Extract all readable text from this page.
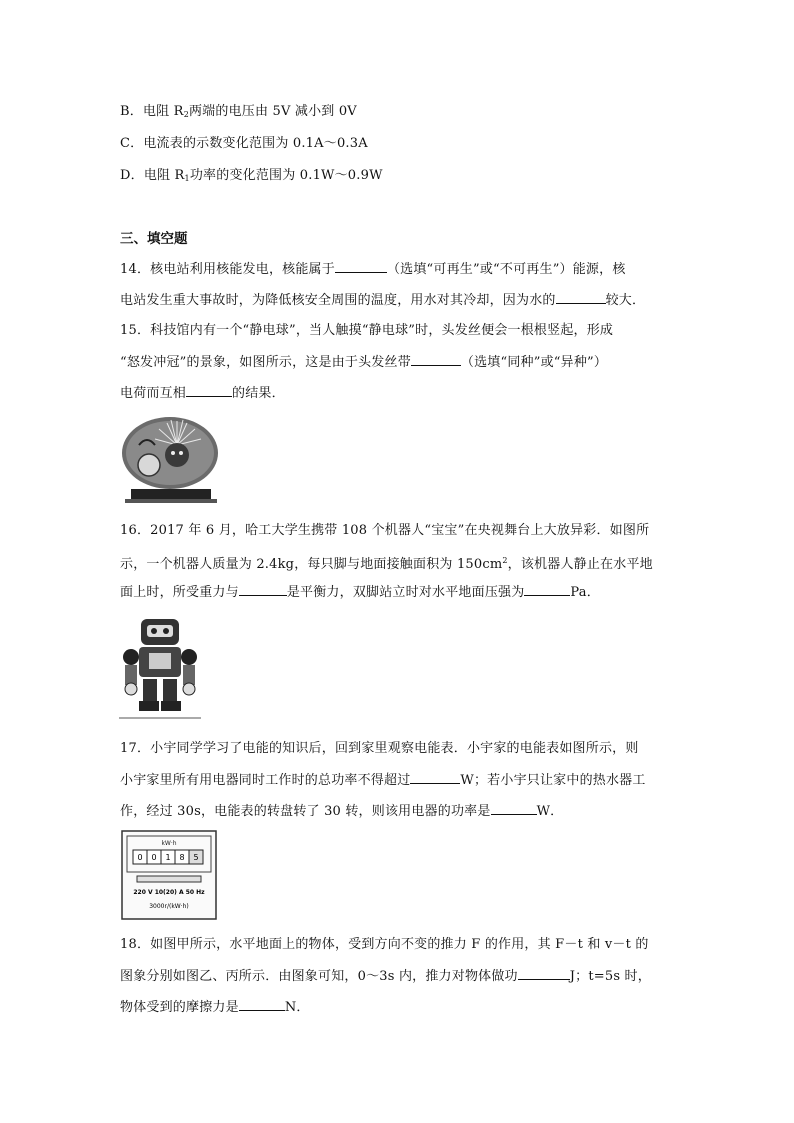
B．电阻 $R_2$两端的电压由 5V 减小到 0V
C．电流表的示数变化范围为 0.1A～0.3A
D．电阻 $R_1$功率的变化范围为 0.1W～0.9W
三、填空题
14．核电站利用核能发电，核能属于	（选填“可再生”或“不可再生”）能源，核
电站发生重大事故时，为降低核安全周围的温度，用水对其冷却，因为水的	较大．
15．科技馆内有一个“静电球”，当人触摸“静电球”时，头发丝便会一根根竖起，形成
“怒发冲冠”的景象，如图所示，这是由于头发丝带	（选填“同种”或“异种”）
电荷而互相	的结果．
16．2017 年 6 月，哈工大学生携带 108 个机器人“宝宝”在央视舞台上大放异彩．如图所
示，一个机器人质量为 2.4kg，每只脚与地面接触面积为 $150cm^2$，该机器人静止在水平地
面上时，所受重力与	是平衡力，双脚站立时对水平地面压强为	Pa．
17．小宇同学学习了电能的知识后，回到家里观察电能表．小宇家的电能表如图所示，则
小宇家里所有用电器同时工作时的总功率不得超过	W；若小宇只让家中的热水器工
作，经过 30s，电能表的转盘转了 30 转，则该用电器的功率是	W．
kW·h
0 0 1 8 5
220 V 10(20) A 50 Hz
3000r/(kW·h)
18．如图甲所示，水平地面上的物体，受到方向不变的推力 F 的作用，其 F－t 和 v－t 的
图象分别如图乙、丙所示．由图象可知，0～3s 内，推力对物体做功	J；t=5s 时，
物体受到的摩擦力是	N．
